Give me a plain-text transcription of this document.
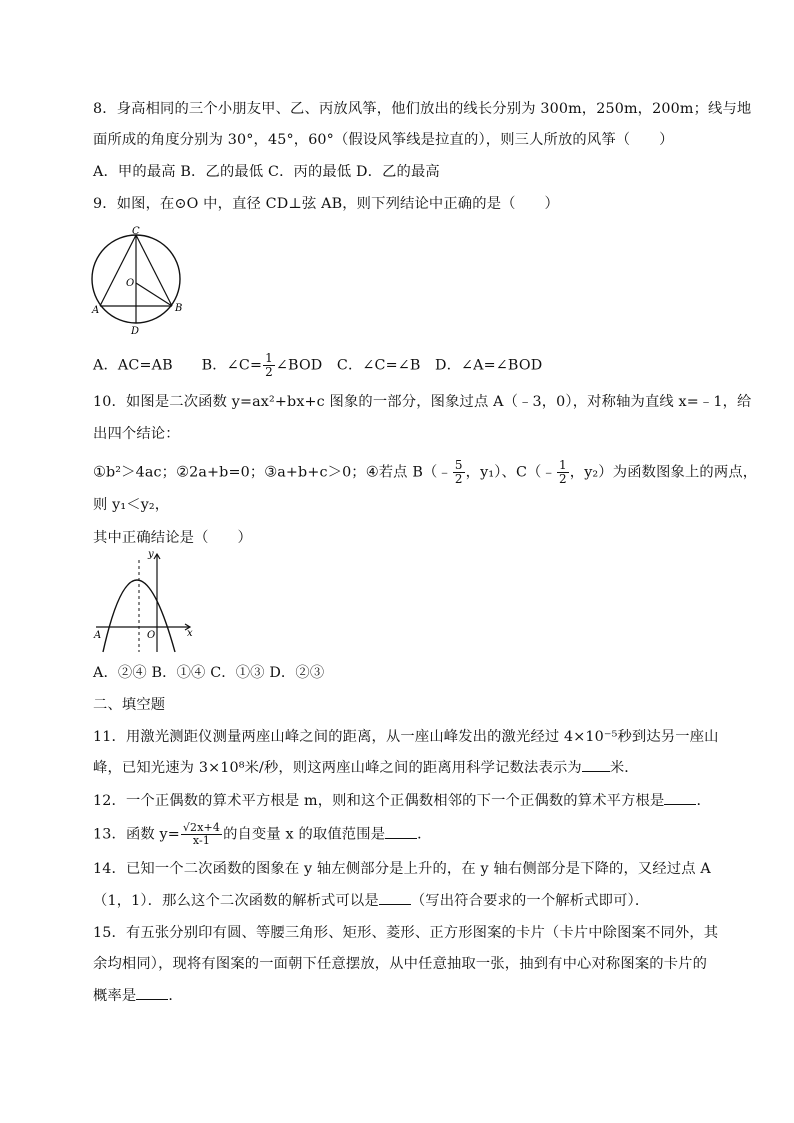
8．身高相同的三个小朋友甲、乙、丙放风筝，他们放出的线长分别为 300m，250m，200m；线与地
面所成的角度分别为 30°，45°，60°（假设风筝线是拉直的），则三人所放的风筝（　　）
A．甲的最高 B．乙的最低 C．丙的最低 D．乙的最高
9．如图，在⊙O 中，直径 CD⊥弦 AB，则下列结论中正确的是（　　）
C
O
A	B
D
A．AC=AB　　B．∠C= $\frac{1}{2}$ ∠BOD　C．∠C=∠B　D．∠A=∠BOD
10．如图是二次函数 y=ax²+bx+c 图象的一部分，图象过点 A（﹣3，0），对称轴为直线 x=﹣1，给
出四个结论：
①b²＞4ac；②2a+b=0；③a+b+c＞0；④若点 B（﹣ $\frac{5}{2}$ ，y₁）、C（﹣ $\frac{1}{2}$ ，y₂）为函数图象上的两点，
则 y₁＜y₂，
其中正确结论是（　　）
y
A	O	x
A．②④ B．①④ C．①③ D．②③
二、填空题
11．用激光测距仪测量两座山峰之间的距离，从一座山峰发出的激光经过 4×10⁻⁵秒到达另一座山
峰，已知光速为 3×10⁸米/秒，则这两座山峰之间的距离用科学记数法表示为 米．
12．一个正偶数的算术平方根是 m，则和这个正偶数相邻的下一个正偶数的算术平方根是 ．
13．函数 $y= \frac{√2x+4}{x-1}$ 的自变量 x 的取值范围是 ．
14．已知一个二次函数的图象在 y 轴左侧部分是上升的，在 y 轴右侧部分是下降的，又经过点 A
（1，1）．那么这个二次函数的解析式可以是 （写出符合要求的一个解析式即可）．
15．有五张分别印有圆、等腰三角形、矩形、菱形、正方形图案的卡片（卡片中除图案不同外，其
余均相同），现将有图案的一面朝下任意摆放，从中任意抽取一张，抽到有中心对称图案的卡片的
概率是 ．
